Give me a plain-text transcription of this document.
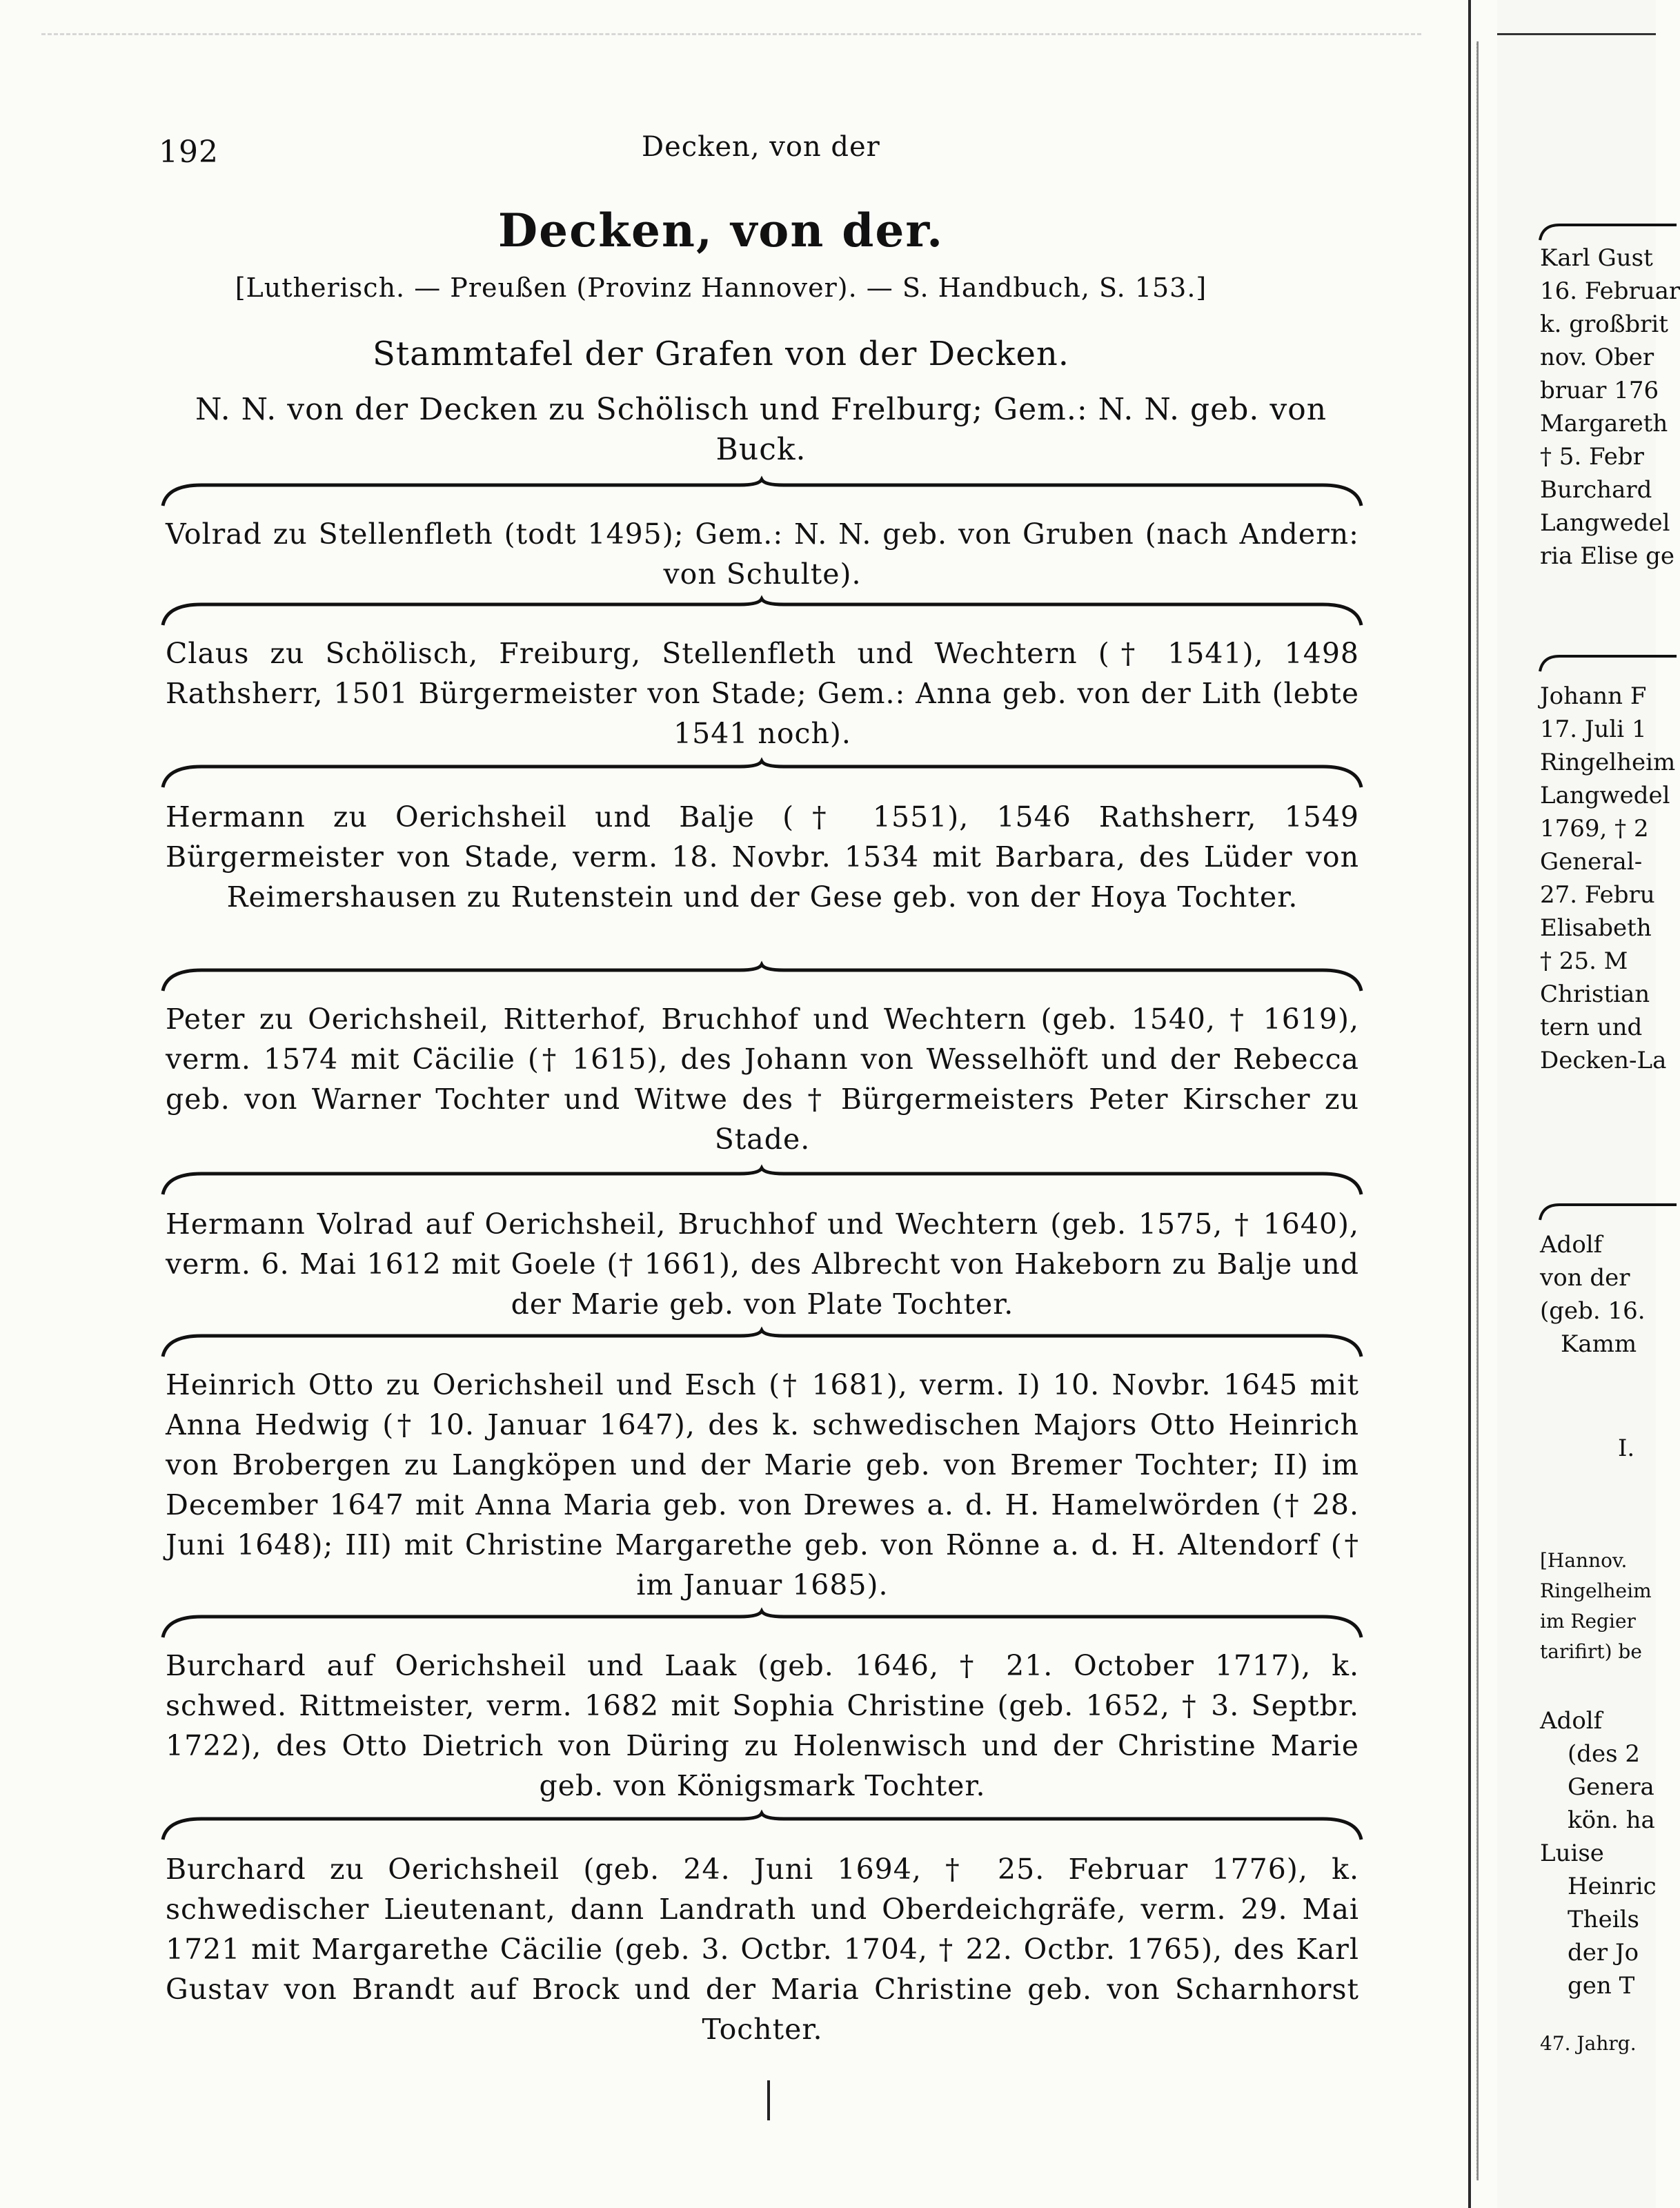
192	Decken, von der
Decken, von der.
[Lutherisch. — Preußen (Provinz Hannover). — S. Handbuch, S. 153.]
Stammtafel der Grafen von der Decken.
N. N. von der Decken zu Schölisch und Frelburg; Gem.: N. N. geb. von Buck.
Volrad zu Stellenfleth (todt 1495); Gem.: N. N. geb. von Gruben (nach Andern: von Schulte).
Claus zu Schölisch, Freiburg, Stellenfleth und Wechtern († 1541), 1498 Rathsherr, 1501 Bürgermeister von Stade; Gem.: Anna geb. von der Lith (lebte 1541 noch).
Hermann zu Oerichsheil und Balje († 1551), 1546 Rathsherr, 1549 Bürgermeister von Stade, verm. 18. Novbr. 1534 mit Barbara, des Lüder von Reimershausen zu Rutenstein und der Gese geb. von der Hoya Tochter.
Peter zu Oerichsheil, Ritterhof, Bruchhof und Wechtern (geb. 1540, † 1619), verm. 1574 mit Cäcilie († 1615), des Johann von Wesselhöft und der Rebecca geb. von Warner Tochter und Witwe des † Bürgermeisters Peter Kirscher zu Stade.
Hermann Volrad auf Oerichsheil, Bruchhof und Wechtern (geb. 1575, † 1640), verm. 6. Mai 1612 mit Goele († 1661), des Albrecht von Hakeborn zu Balje und der Marie geb. von Plate Tochter.
Heinrich Otto zu Oerichsheil und Esch († 1681), verm. I) 10. Novbr. 1645 mit Anna Hedwig († 10. Januar 1647), des k. schwedischen Majors Otto Heinrich von Brobergen zu Langköpen und der Marie geb. von Bremer Tochter; II) im December 1647 mit Anna Maria geb. von Drewes a. d. H. Hamelwörden († 28. Juni 1648); III) mit Christine Margarethe geb. von Rönne a. d. H. Altendorf († im Januar 1685).
Burchard auf Oerichsheil und Laak (geb. 1646, † 21. October 1717), k. schwed. Rittmeister, verm. 1682 mit Sophia Christine (geb. 1652, † 3. Septbr. 1722), des Otto Dietrich von Düring zu Holenwisch und der Christine Marie geb. von Königsmark Tochter.
Burchard zu Oerichsheil (geb. 24. Juni 1694, † 25. Februar 1776), k. schwedischer Lieutenant, dann Landrath und Oberdeichgräfe, verm. 29. Mai 1721 mit Margarethe Cäcilie (geb. 3. Octbr. 1704, † 22. Octbr. 1765), des Karl Gustav von Brandt auf Brock und der Maria Christine geb. von Scharnhorst Tochter.
Karl Gust
16. Februar
k. großbrit
nov. Ober
bruar 176
Margareth
† 5. Febr
Burchard
Langwedel
ria Elise ge
Johann F
17. Juli 1
Ringelheim
Langwedel
1769, † 2
General-
27. Febru
Elisabeth
† 25. M
Christian
tern und
Decken-La
Adolf
von der
(geb. 16.
Kamm
I.
[Hannov.
Ringelheim
im Regier
tarifirt) be
Adolf
(des 2
Genera
kön. ha
Luise
Heinric
Theils
der Jo
gen T
47. Jahrg.
